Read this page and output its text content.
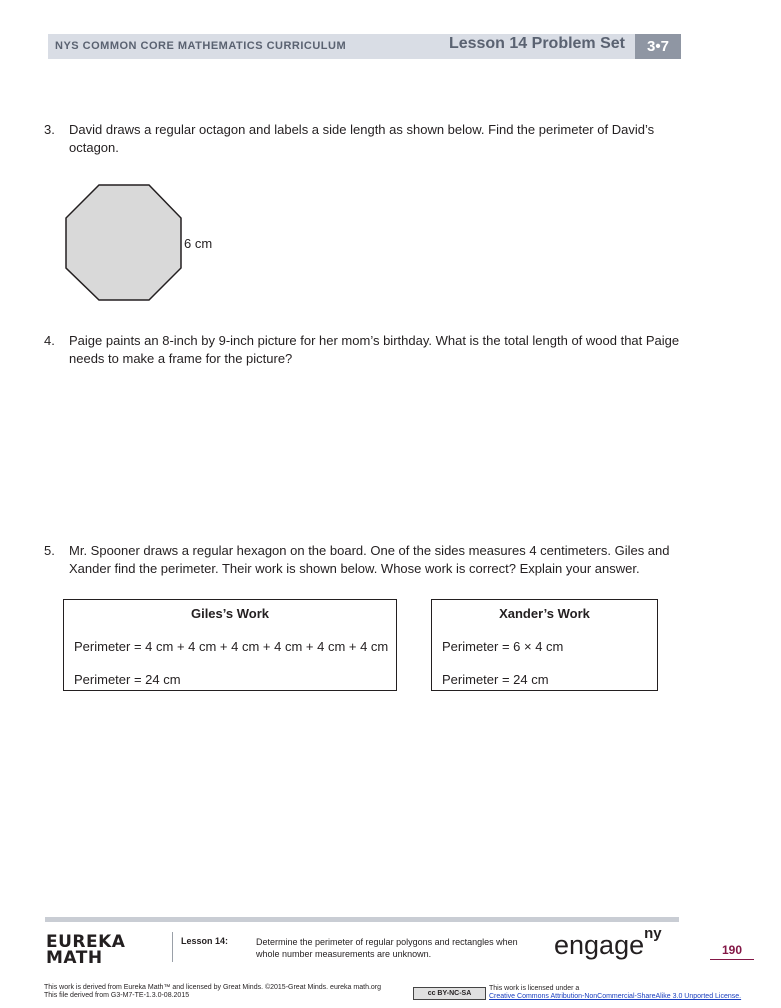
NYS COMMON CORE MATHEMATICS CURRICULUM	Lesson 14 Problem Set	3•7
3. David draws a regular octagon and labels a side length as shown below. Find the perimeter of David’s octagon.
6 cm
4. Paige paints an 8-inch by 9-inch picture for her mom’s birthday. What is the total length of wood that Paige needs to make a frame for the picture?
5. Mr. Spooner draws a regular hexagon on the board. One of the sides measures 4 centimeters. Giles and Xander find the perimeter. Their work is shown below. Whose work is correct? Explain your answer.
Giles’s Work
Perimeter = 4 cm + 4 cm + 4 cm + 4 cm + 4 cm + 4 cm
Perimeter = 24 cm
Xander’s Work
Perimeter = 6 × 4 cm
Perimeter = 24 cm
EUREKA
MATH
Lesson 14:	Determine the perimeter of regular polygons and rectangles when whole number measurements are unknown.	engage$^{ny}$
190
This work is derived from Eureka Math™ and licensed by Great Minds. ©2015-Great Minds. eureka math.org
This file derived from G3-M7-TE-1.3.0-08.2015	cc BY-NC-SA
This work is licensed under a
Creative Commons Attribution-NonCommercial-ShareAlike 3.0 Unported License.
